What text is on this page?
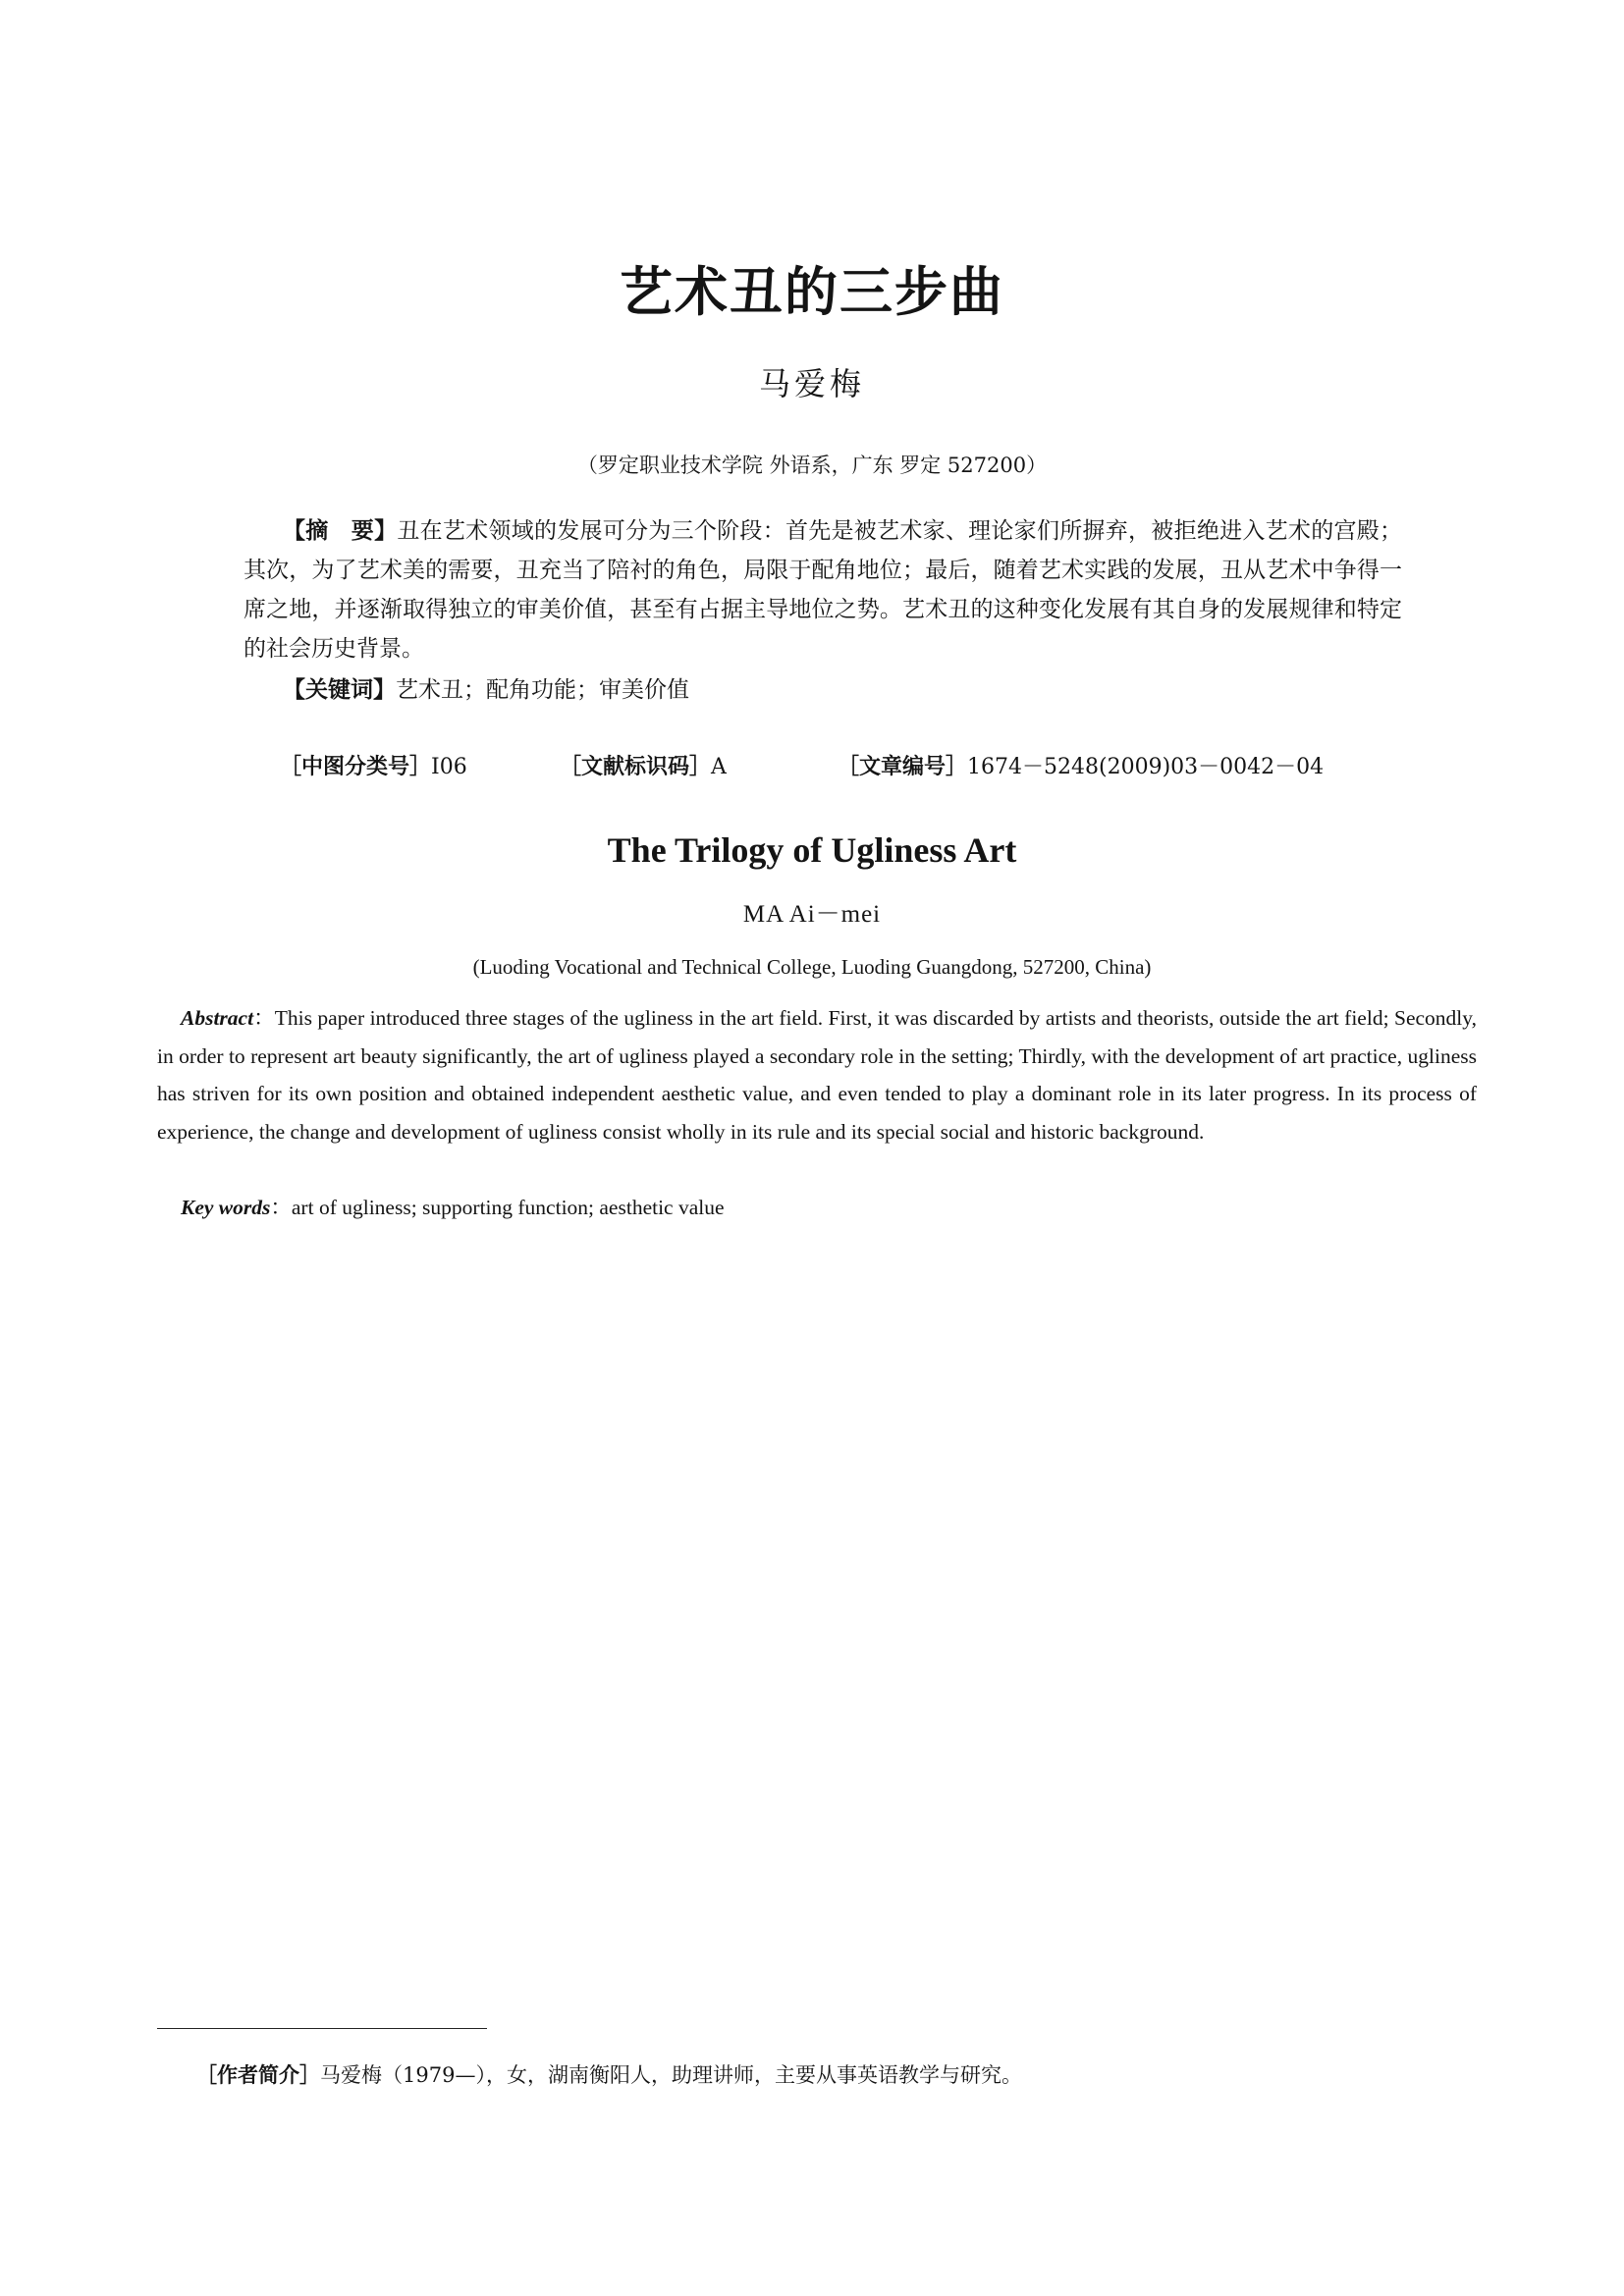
艺术丑的三步曲
马爱梅
（罗定职业技术学院 外语系，广东 罗定 527200）
【摘　要】丑在艺术领域的发展可分为三个阶段：首先是被艺术家、理论家们所摒弃，被拒绝进入艺术的宫殿；其次，为了艺术美的需要，丑充当了陪衬的角色，局限于配角地位；最后，随着艺术实践的发展，丑从艺术中争得一席之地，并逐渐取得独立的审美价值，甚至有占据主导地位之势。艺术丑的这种变化发展有其自身的发展规律和特定的社会历史背景。
【关键词】艺术丑；配角功能；审美价值
［中图分类号］I06	［文献标识码］A	［文章编号］1674－5248(2009)03－0042－04
The Trilogy of Ugliness Art
MA Ai－mei
(Luoding Vocational and Technical College, Luoding Guangdong, 527200, China)
Abstract：This paper introduced three stages of the ugliness in the art field. First, it was discarded by artists and theorists, outside the art field; Secondly, in order to represent art beauty significantly, the art of ugliness played a secondary role in the setting; Thirdly, with the development of art practice, ugliness has striven for its own position and obtained independent aesthetic value, and even tended to play a dominant role in its later progress. In its process of experience, the change and development of ugliness consist wholly in its rule and its special social and historic background.
Key words：art of ugliness; supporting function; aesthetic value
［作者简介］马爱梅（1979—），女，湖南衡阳人，助理讲师，主要从事英语教学与研究。
